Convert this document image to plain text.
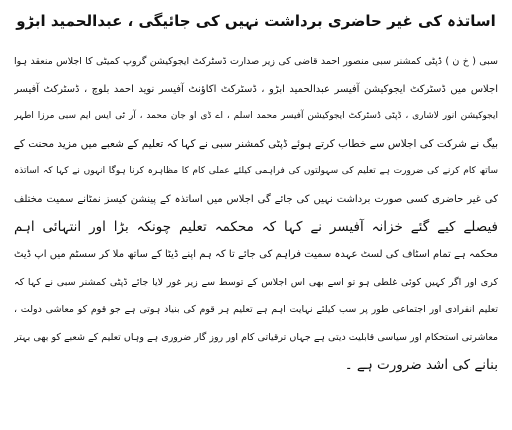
اساتذہ کی غیر حاضری برداشت نہیں کی جائیگی ، عبدالحمید ابڑو
سبی ( خ ن ) ڈپٹی کمشنر سبی منصور احمد قاضی کی زیر صدارت ڈسٹرکٹ ایجوکیشن گروپ کمیٹی کا اجلاس منعقد ہوا
اجلاس میں ڈسٹرکٹ ایجوکیشن آفیسر عبدالحمید ابڑو ، ڈسٹرکٹ اکاؤنٹ آفیسر نوید احمد بلوچ ، ڈسٹرکٹ آفیسر
ایجوکیشن انور لاشاری ، ڈپٹی ڈسٹرکٹ ایجوکیشن آفیسر محمد اسلم ، اے ڈی او جان محمد ، آر ٹی ایس ایم سبی مرزا اطہر
بیگ نے شرکت کی اجلاس سے خطاب کرتے ہوئے ڈپٹی کمشنر سبی نے کہا کہ تعلیم کے شعبے میں مزید محنت کے
ساتھ کام کرنے کی ضرورت ہے تعلیم کی سہولتوں کی فراہمی کیلئے عملی کام کا مظاہرہ کرنا ہوگا انہوں نے کہا کہ اساتذہ
کی غیر حاضری کسی صورت برداشت نہیں کی جائے گی اجلاس میں اساتذہ کے پینشن کیسز نمٹانے سمیت مختلف
فیصلے کیے گئے خزانہ آفیسر نے کہا کہ محکمہ تعلیم چونکہ بڑا اور انتہائی اہم
محکمہ ہے تمام اسٹاف کی لسٹ عہدہ سمیت فراہم کی جائے تا کہ ہم اپنے ڈیٹا کے ساتھ ملا کر سسٹم میں اپ ڈیٹ
کری اور اگر کہیں کوئی غلطی ہو تو اسے بھی اس اجلاس کے توسط سے زیر غور لایا جائے ڈپٹی کمشنر سبی نے کہا کہ
تعلیم انفرادی اور اجتماعی طور پر سب کیلئے نہایت اہم ہے تعلیم ہر قوم کی بنیاد ہوتی ہے جو قوم کو معاشی دولت ،
معاشرتی استحکام اور سیاسی قابلیت دیتی ہے جہاں ترقیاتی کام اور روز گار ضروری ہے وہاں تعلیم کے شعبے کو بھی بہتر
بنانے کی اشد ضرورت ہے ۔
